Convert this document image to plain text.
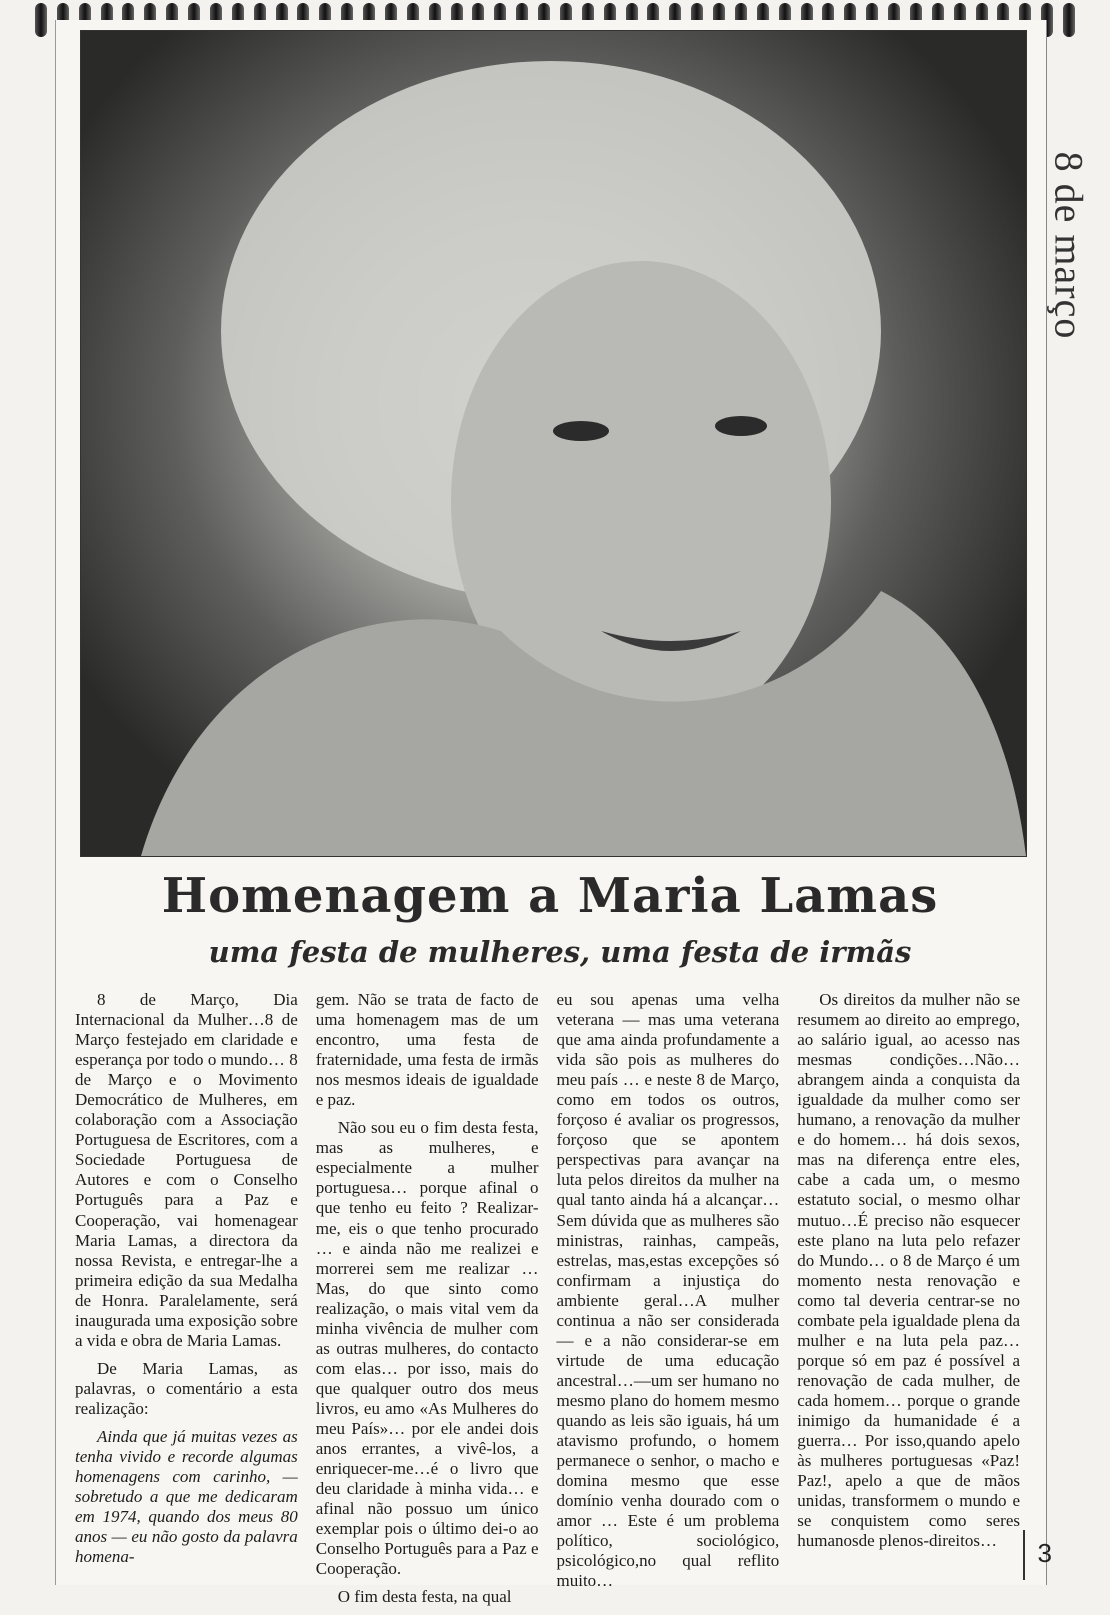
8 de março
Homenagem a Maria Lamas
uma festa de mulheres, uma festa de irmãs

8 de Março, Dia Internacional da Mulher…8 de Março festejado em claridade e esperança por todo o mundo… 8 de Março e o Movimento Democrático de Mulheres, em colaboração com a Associação Portuguesa de Escritores, com a Sociedade Portuguesa de Autores e com o Conselho Português para a Paz e Cooperação, vai homenagear Maria Lamas, a directora da nossa Revista, e entregar-lhe a primeira edição da sua Medalha de Honra. Paralelamente, será inaugurada uma exposição sobre a vida e obra de Maria Lamas.

De Maria Lamas, as palavras, o comentário a esta realização:

Ainda que já muitas vezes as tenha vivido e recorde algumas homenagens com carinho, — sobretudo a que me dedicaram em 1974, quando dos meus 80 anos — eu não gosto da palavra homena-

gem. Não se trata de facto de uma homenagem mas de um encontro, uma festa de fraternidade, uma festa de irmãs nos mesmos ideais de igualdade e paz.

Não sou eu o fim desta festa, mas as mulheres, e especialmente a mulher portuguesa… porque afinal o que tenho eu feito ? Realizar-me, eis o que tenho procurado … e ainda não me realizei e morrerei sem me realizar …Mas, do que sinto como realização, o mais vital vem da minha vivência de mulher com as outras mulheres, do contacto com elas… por isso, mais do que qualquer outro dos meus livros, eu amo «As Mulheres do meu País»… por ele andei dois anos errantes, a vivê-los, a enriquecer-me…é o livro que deu claridade à minha vida… e afinal não possuo um único exemplar pois o último dei-o ao Conselho Português para a Paz e Cooperação.

O fim desta festa, na qual

eu sou apenas uma velha veterana — mas uma veterana que ama ainda profundamente a vida são pois as mulheres do meu país … e neste 8 de Março, como em todos os outros, forçoso é avaliar os progressos, forçoso que se apontem perspectivas para avançar na luta pelos direitos da mulher na qual tanto ainda há a alcançar… Sem dúvida que as mulheres são ministras, rainhas, campeãs, estrelas, mas,estas excepções só confirmam a injustiça do ambiente geral…A mulher continua a não ser considerada — e a não considerar-se em virtude de uma educação ancestral…—um ser humano no mesmo plano do homem mesmo quando as leis são iguais, há um atavismo profundo, o homem permanece o senhor, o macho e domina mesmo que esse domínio venha dourado com o amor … Este é um problema político, sociológico, psicológico,no qual reflito muito…

Os direitos da mulher não se resumem ao direito ao emprego, ao salário igual, ao acesso nas mesmas condições…Não…abrangem ainda a conquista da igualdade da mulher como ser humano, a renovação da mulher e do homem… há dois sexos, mas na diferença entre eles, cabe a cada um, o mesmo estatuto social, o mesmo olhar mutuo…É preciso não esquecer este plano na luta pelo refazer do Mundo… o 8 de Março é um momento nesta renovação e como tal deveria centrar-se no combate pela igualdade plena da mulher e na luta pela paz… porque só em paz é possível a renovação de cada mulher, de cada homem… porque o grande inimigo da humanidade é a guerra… Por isso,quando apelo às mulheres portuguesas «Paz! Paz!, apelo a que de mãos unidas, transformem o mundo e se conquistem como seres humanosde plenos-direitos…	3
